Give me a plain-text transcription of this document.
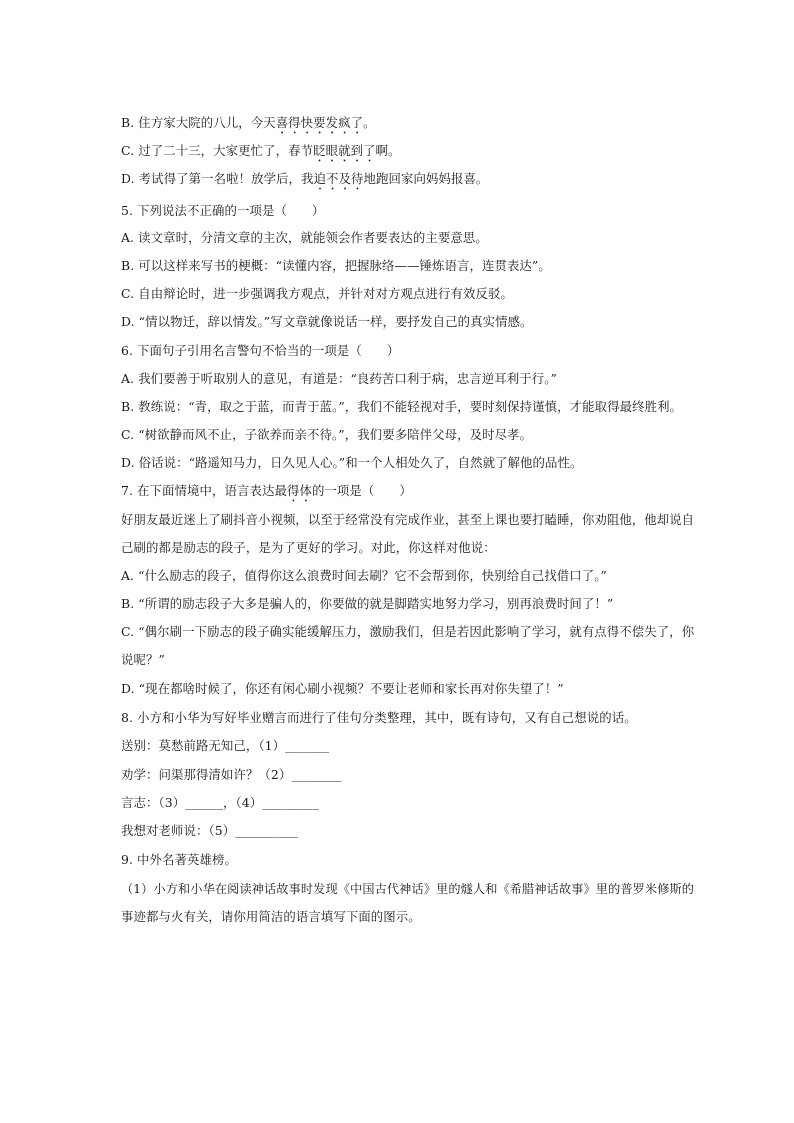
B. 住方家大院的八儿，今天喜得快要发疯了。
C. 过了二十三，大家更忙了，春节眨眼就到了啊。
D. 考试得了第一名啦！放学后，我迫不及待地跑回家向妈妈报喜。
5. 下列说法不正确的一项是（　　）
A. 读文章时，分清文章的主次，就能领会作者要表达的主要意思。
B. 可以这样来写书的梗概：“读懂内容，把握脉络——锤炼语言，连贯表达”。
C. 自由辩论时，进一步强调我方观点，并针对对方观点进行有效反驳。
D. “情以物迁，辞以情发。”写文章就像说话一样，要抒发自己的真实情感。
6. 下面句子引用名言警句不恰当的一项是（　　）
A. 我们要善于听取别人的意见，有道是：“良药苦口利于病，忠言逆耳利于行。”
B. 教练说：“青，取之于蓝，而青于蓝。”，我们不能轻视对手，要时刻保持谨慎，才能取得最终胜利。
C. “树欲静而风不止，子欲养而亲不待。”，我们要多陪伴父母，及时尽孝。
D. 俗话说：“路遥知马力，日久见人心。”和一个人相处久了，自然就了解他的品性。
7. 在下面情境中，语言表达最得体的一项是（　　）
好朋友最近迷上了刷抖音小视频，以至于经常没有完成作业，甚至上课也要打瞌睡，你劝阻他，他却说自
己刷的都是励志的段子，是为了更好的学习。对此，你这样对他说：
A. “什么励志的段子，值得你这么浪费时间去刷？它不会帮到你，快别给自己找借口了。”
B. “所谓的励志段子大多是骗人的，你要做的就是脚踏实地努力学习，别再浪费时间了！”
C. “偶尔刷一下励志的段子确实能缓解压力，激励我们，但是若因此影响了学习，就有点得不偿失了，你
说呢？”
D. “现在都啥时候了，你还有闲心刷小视频？不要让老师和家长再对你失望了！”
8. 小方和小华为写好毕业赠言而进行了佳句分类整理，其中，既有诗句，又有自己想说的话。
送别：莫愁前路无知己，（1）_______
劝学：问渠那得清如许？（2）________
言志：（3）______，（4）_________
我想对老师说：（5）__________
9. 中外名著英雄榜。
（1）小方和小华在阅读神话故事时发现《中国古代神话》里的燧人和《希腊神话故事》里的普罗米修斯的
事迹都与火有关，请你用简洁的语言填写下面的图示。
